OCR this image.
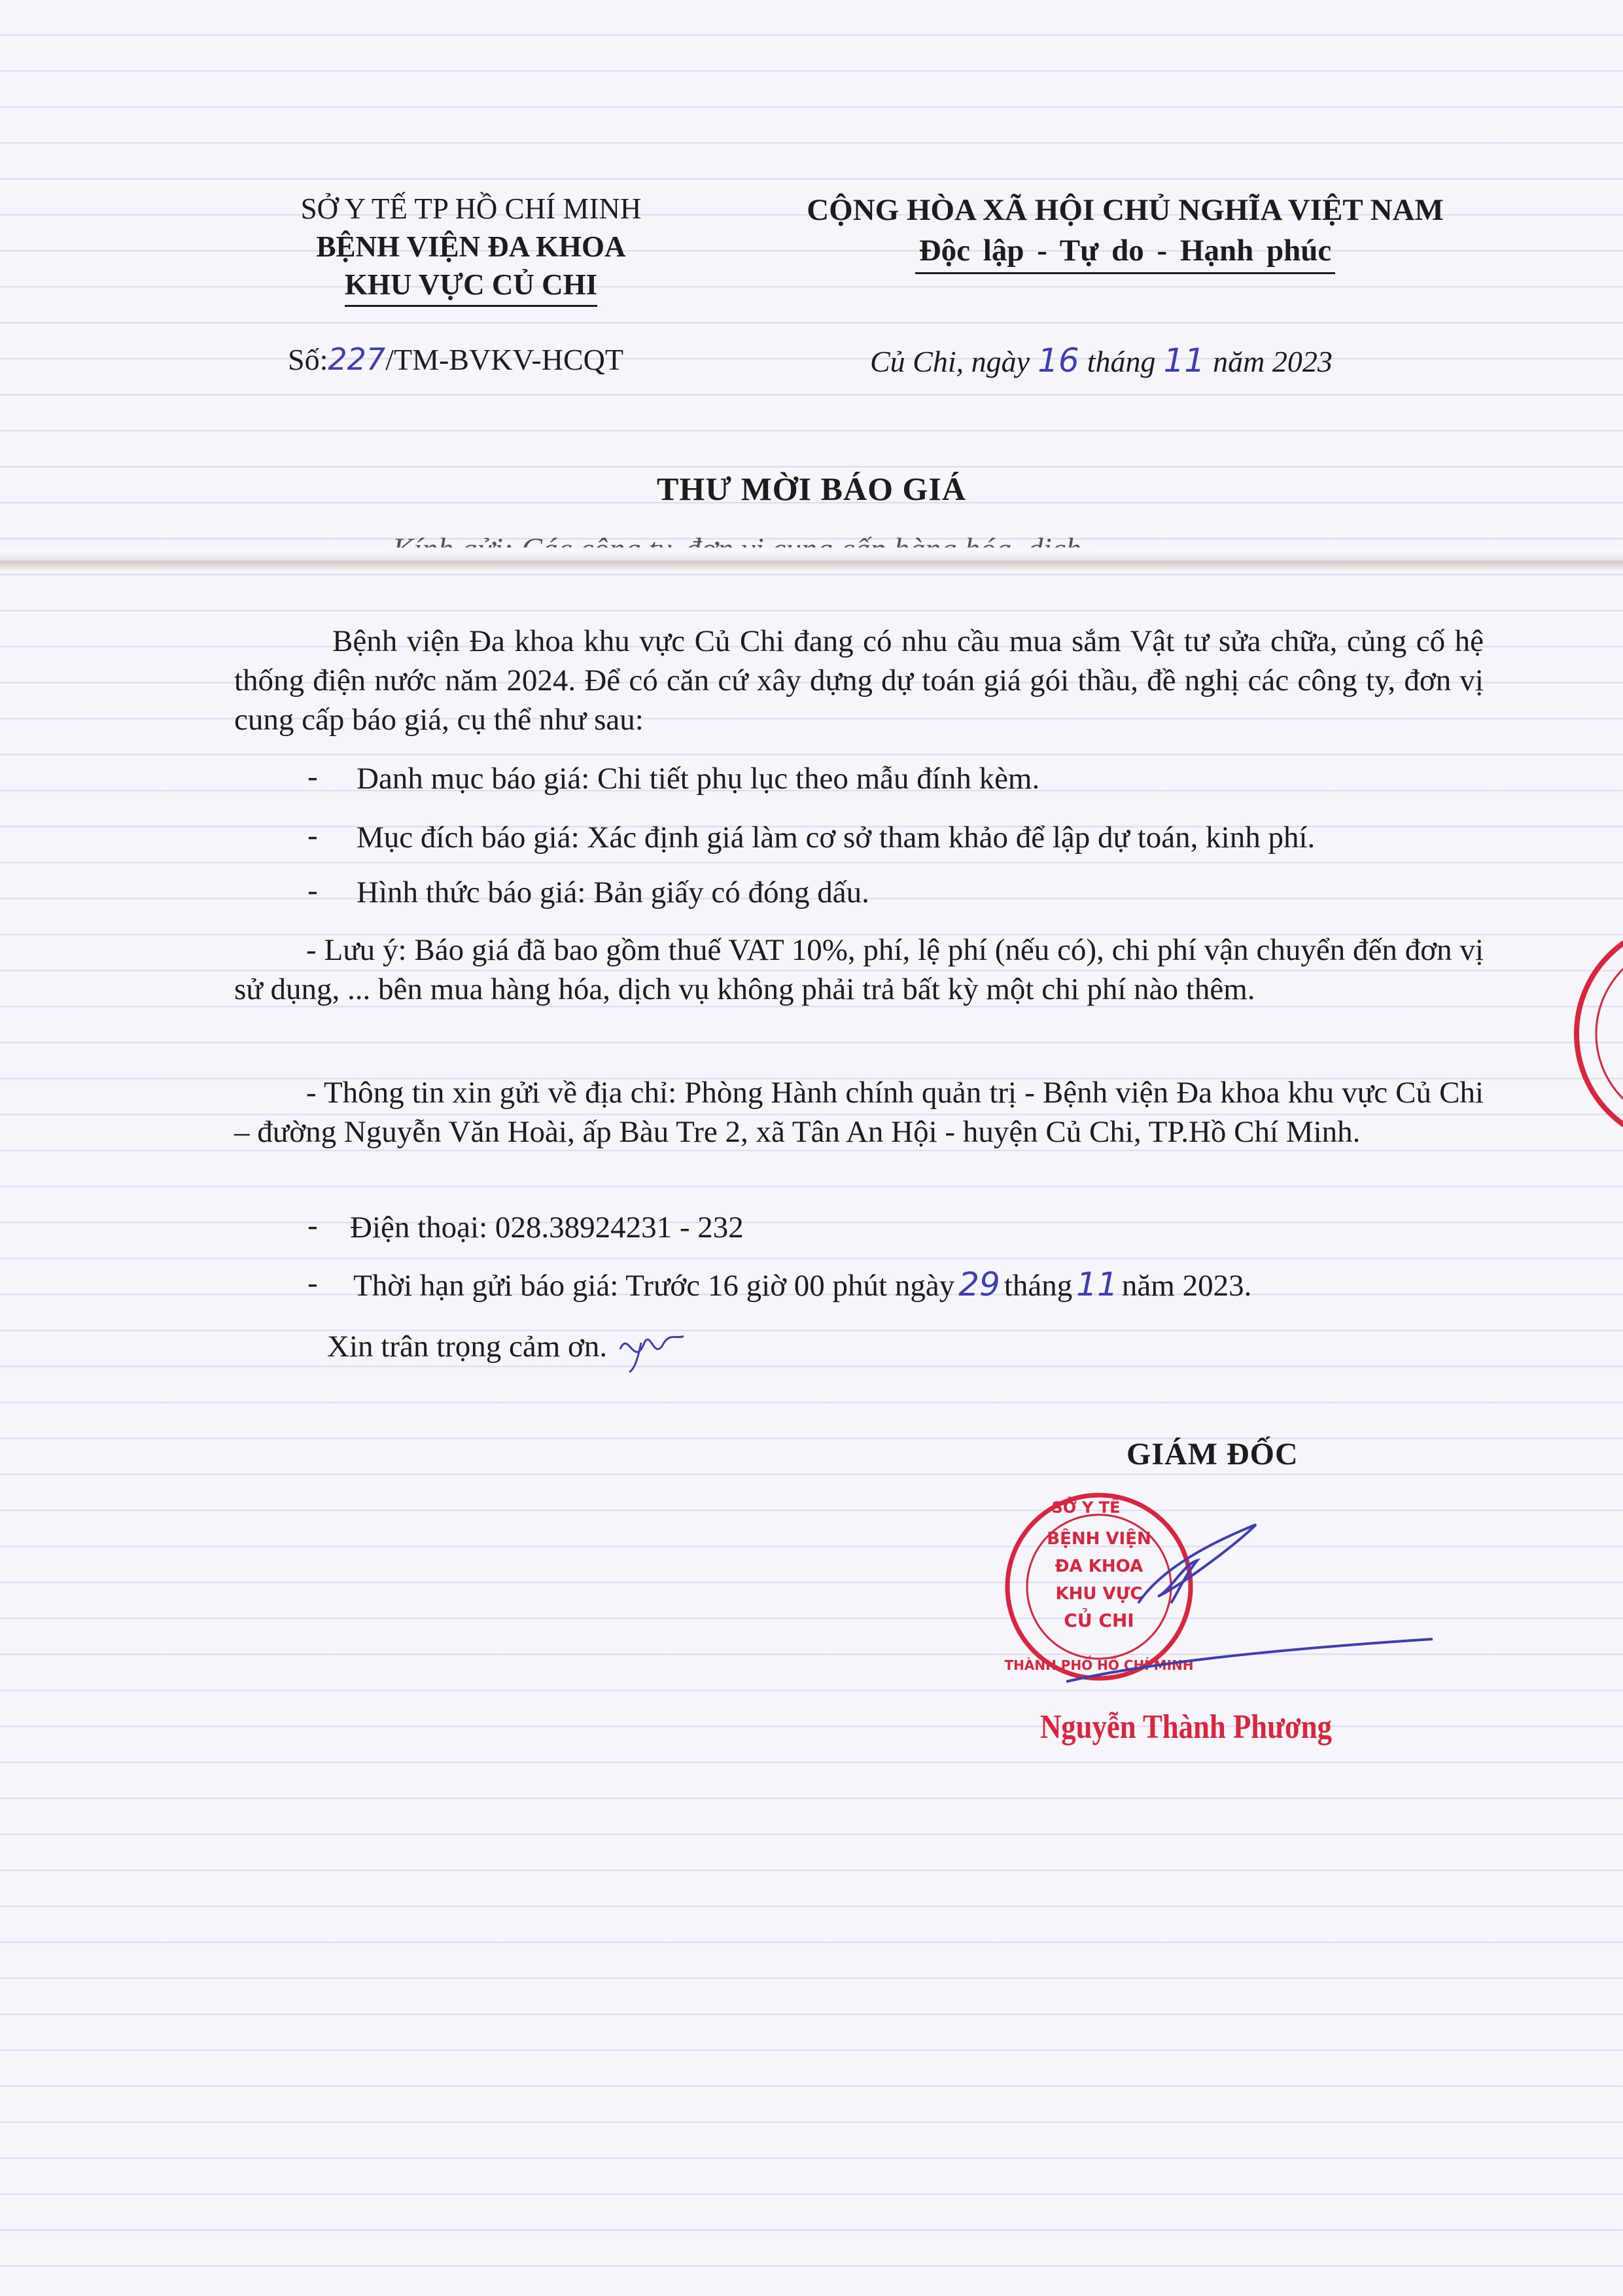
SỞ Y TẾ TP HỒ CHÍ MINH
BỆNH VIỆN ĐA KHOA
KHU VỰC CỦ CHI
CỘNG HÒA XÃ HỘI CHỦ NGHĨA VIỆT NAM
Độc lập - Tự do - Hạnh phúc
Số:227/TM-BVKV-HCQT	Củ Chi, ngày 16 tháng 11 năm 2023
THƯ MỜI BÁO GIÁ
Bệnh viện Đa khoa khu vực Củ Chi đang có nhu cầu mua sắm Vật tư sửa chữa, củng cố hệ thống điện nước năm 2024. Để có căn cứ xây dựng dự toán giá gói thầu, đề nghị các công ty, đơn vị cung cấp báo giá, cụ thể như sau:
- Danh mục báo giá: Chi tiết phụ lục theo mẫu đính kèm.
- Mục đích báo giá: Xác định giá làm cơ sở tham khảo để lập dự toán, kinh phí.
- Hình thức báo giá: Bản giấy có đóng dấu.
- Lưu ý: Báo giá đã bao gồm thuế VAT 10%, phí, lệ phí (nếu có), chi phí vận chuyển đến đơn vị sử dụng, ... bên mua hàng hóa, dịch vụ không phải trả bất kỳ một chi phí nào thêm.
- Thông tin xin gửi về địa chỉ: Phòng Hành chính quản trị - Bệnh viện Đa khoa khu vực Củ Chi – đường Nguyễn Văn Hoài, ấp Bàu Tre 2, xã Tân An Hội - huyện Củ Chi, TP.Hồ Chí Minh.
- Điện thoại: 028.38924231 - 232
- Thời hạn gửi báo giá: Trước 16 giờ 00 phút ngày 29 tháng 11 năm 2023.
Xin trân trọng cảm ơn.
GIÁM ĐỐC
BỆNH VIỆN
ĐA KHOA
KHU VỰC
CỦ CHI
SỞ Y TẾ
THÀNH PHỐ HỒ CHÍ MINH
Nguyễn Thành Phương
